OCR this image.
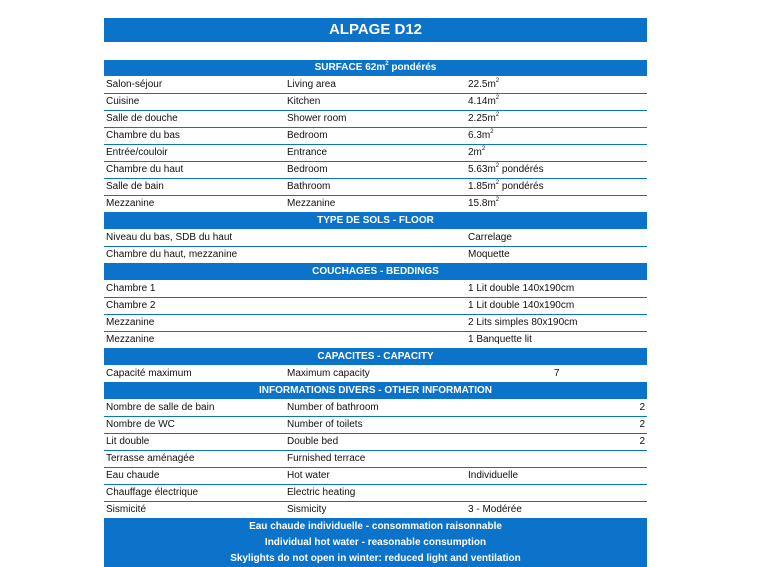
ALPAGE D12
SURFACE $62m^2$ pondérés
Salon-séjour	Living area	$22.5m^2$
Cuisine	Kitchen	$4.14m^2$
Salle de douche	Shower room	$2.25m^2$
Chambre du bas	Bedroom	$6.3m^2$
Entrée/couloir	Entrance	$2m^2$
Chambre du haut	Bedroom	$5.63m^2$ pondérés
Salle de bain	Bathroom	$1.85m^2$ pondérés
Mezzanine	Mezzanine	$15.8m^2$
TYPE DE SOLS - FLOOR
Niveau du bas, SDB du haut	Carrelage
Chambre du haut, mezzanine	Moquette
COUCHAGES - BEDDINGS
Chambre 1	1 Lit double 140x190cm
Chambre 2	1 Lit double 140x190cm
Mezzanine	2 Lits simples 80x190cm
Mezzanine	1 Banquette lit
CAPACITES - CAPACITY
Capacité maximum	Maximum capacity	7
INFORMATIONS DIVERS - OTHER INFORMATION
Nombre de salle de bain	Number of bathroom	2
Nombre de WC	Number of toilets	2
Lit double	Double bed	2
Terrasse aménagée	Furnished terrace
Eau chaude	Hot water	Individuelle
Chauffage électrique	Electric heating
Sismicité	Sismicity	3 - Modérée
Eau chaude individuelle - consommation raisonnable
Individual hot water - reasonable consumption
Skylights do not open in winter: reduced light and ventilation
